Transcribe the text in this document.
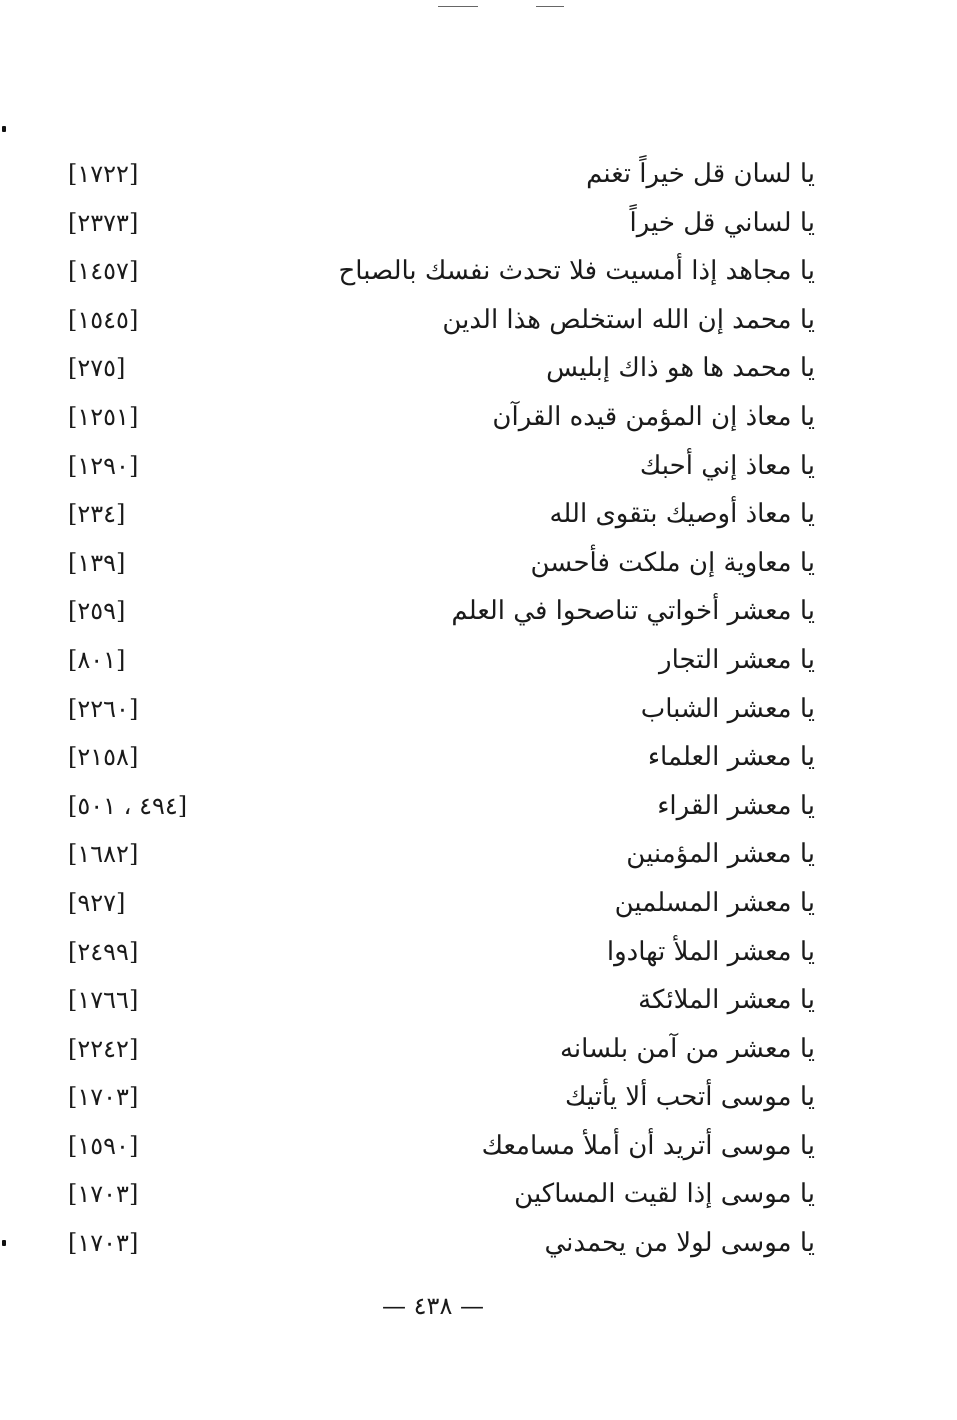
يا لسان قل خيراً تغنم
[١٧٢٢]
يا لساني قل خيراً
[٢٣٧٣]
يا مجاهد إذا أمسيت فلا تحدث نفسك بالصباح
[١٤٥٧]
يا محمد إن الله استخلص هذا الدين
[١٥٤٥]
يا محمد ها هو ذاك إبليس
[٢٧٥]
يا معاذ إن المؤمن قيده القرآن
[١٢٥١]
يا معاذ إني أحبك
[١٢٩٠]
يا معاذ أوصيك بتقوى الله
[٢٣٤]
يا معاوية إن ملكت فأحسن
[١٣٩]
يا معشر أخواتي تناصحوا في العلم
[٢٥٩]
يا معشر التجار
[٨٠١]
يا معشر الشباب
[٢٢٦٠]
يا معشر العلماء
[٢١٥٨]
يا معشر القراء
[٤٩٤ ، ٥٠١]
يا معشر المؤمنين
[١٦٨٢]
يا معشر المسلمين
[٩٢٧]
يا معشر الملأ تهادوا
[٢٤٩٩]
يا معشر الملائكة
[١٧٦٦]
يا معشر من آمن بلسانه
[٢٢٤٢]
يا موسى أتحب ألا يأتيك
[١٧٠٣]
يا موسى أتريد أن أملأ مسامعك
[١٥٩٠]
يا موسى إذا لقيت المساكين
[١٧٠٣]
يا موسى لولا من يحمدني
[١٧٠٣]
— ٤٣٨ —
